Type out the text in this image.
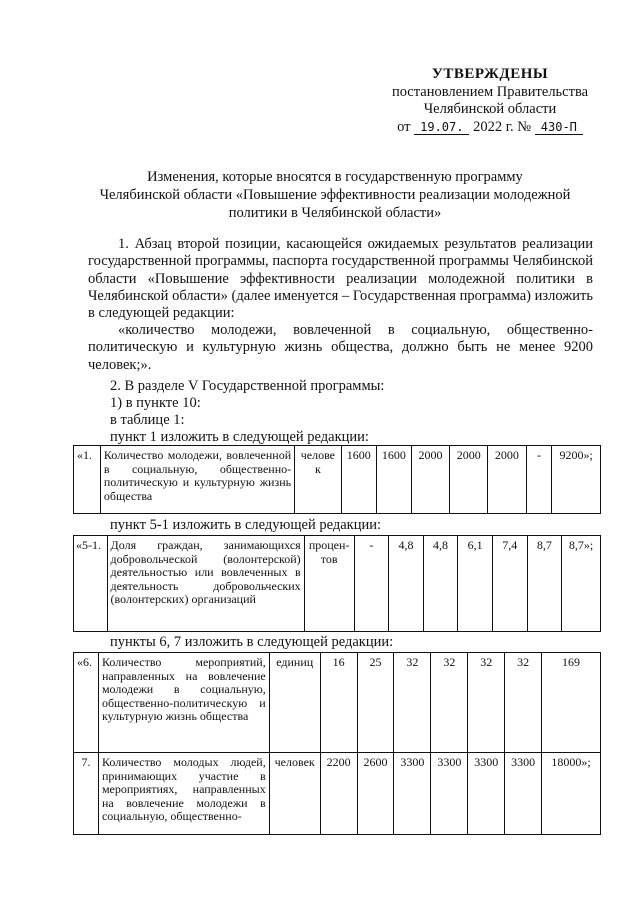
УТВЕРЖДЕНЫ
постановлением Правительства
Челябинской области
от 19.07. 2022 г. № 430-П
Изменения, которые вносятся в государственную программу
Челябинской области «Повышение эффективности реализации молодежной
политики в Челябинской области»
1. Абзац второй позиции, касающейся ожидаемых результатов реализации государственной программы, паспорта государственной программы Челябинской области «Повышение эффективности реализации молодежной политики в Челябинской области» (далее именуется – Государственная программа) изложить в следующей редакции:
«количество молодежи, вовлеченной в социальную, общественно-политическую и культурную жизнь общества, должно быть не менее 9200 человек;».
2. В разделе V Государственной программы:
1) в пункте 10:
в таблице 1:
пункт 1 изложить в следующей редакции:
«1.	Количество молодежи, вовлеченной в социальную, общественно-политическую и культурную жизнь общества	челове к	1600	1600	2000	2000	2000	-	9200»;
пункт 5-1 изложить в следующей редакции:
«5-1.	Доля граждан, занимающихся добровольческой (волонтерской) деятельностью или вовлеченных в деятельность добровольческих (волонтерских) организаций	процен- тов	-	4,8	4,8	6,1	7,4	8,7	8,7»;
пункты 6, 7 изложить в следующей редакции:
«6.	Количество мероприятий, направленных на вовлечение молодежи в социальную, общественно-политическую и культурную жизнь общества	единиц	16	25	32	32	32	32	169
7.	Количество молодых людей, принимающих участие в мероприятиях, направленных на вовлечение молодежи в социальную, общественно-	человек	2200	2600	3300	3300	3300	3300	18000»;
